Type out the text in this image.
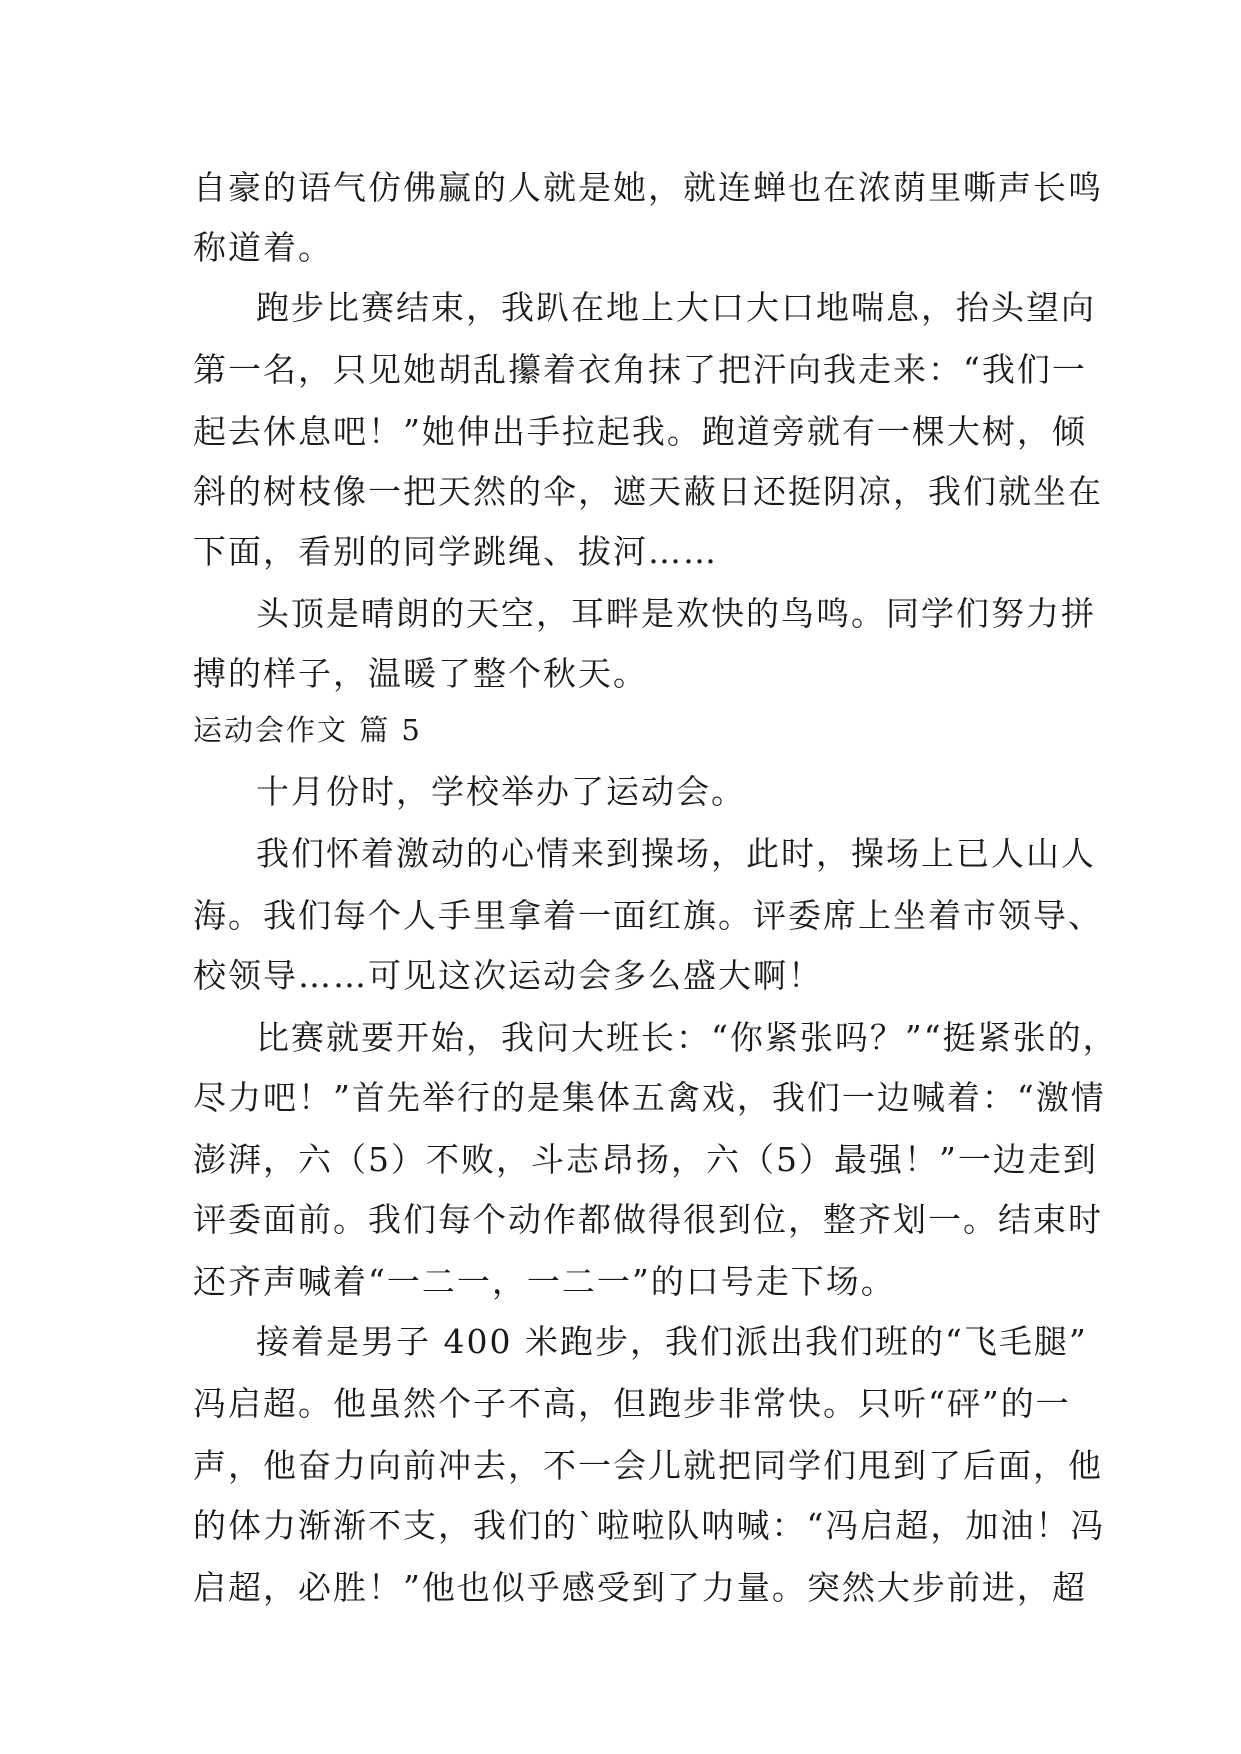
自豪的语气仿佛赢的人就是她，就连蝉也在浓荫里嘶声长鸣
称道着。
跑步比赛结束，我趴在地上大口大口地喘息，抬头望向
第一名，只见她胡乱攥着衣角抹了把汗向我走来：“我们一
起去休息吧！”她伸出手拉起我。跑道旁就有一棵大树，倾
斜的树枝像一把天然的伞，遮天蔽日还挺阴凉，我们就坐在
下面，看别的同学跳绳、拔河……
头顶是晴朗的天空，耳畔是欢快的鸟鸣。同学们努力拼
搏的样子，温暖了整个秋天。
运动会作文 篇 5
十月份时，学校举办了运动会。
我们怀着激动的心情来到操场，此时，操场上已人山人
海。我们每个人手里拿着一面红旗。评委席上坐着市领导、
校领导……可见这次运动会多么盛大啊！
比赛就要开始，我问大班长：“你紧张吗？”“挺紧张的，
尽力吧！”首先举行的是集体五禽戏，我们一边喊着：“激情
澎湃，六（5）不败，斗志昂扬，六（5）最强！”一边走到
评委面前。我们每个动作都做得很到位，整齐划一。结束时
还齐声喊着“一二一，一二一”的口号走下场。
接着是男子 400 米跑步，我们派出我们班的“飞毛腿”
冯启超。他虽然个子不高，但跑步非常快。只听“砰”的一
声，他奋力向前冲去，不一会儿就把同学们甩到了后面，他
的体力渐渐不支，我们的`啦啦队呐喊：“冯启超，加油！冯
启超，必胜！”他也似乎感受到了力量。突然大步前进，超
